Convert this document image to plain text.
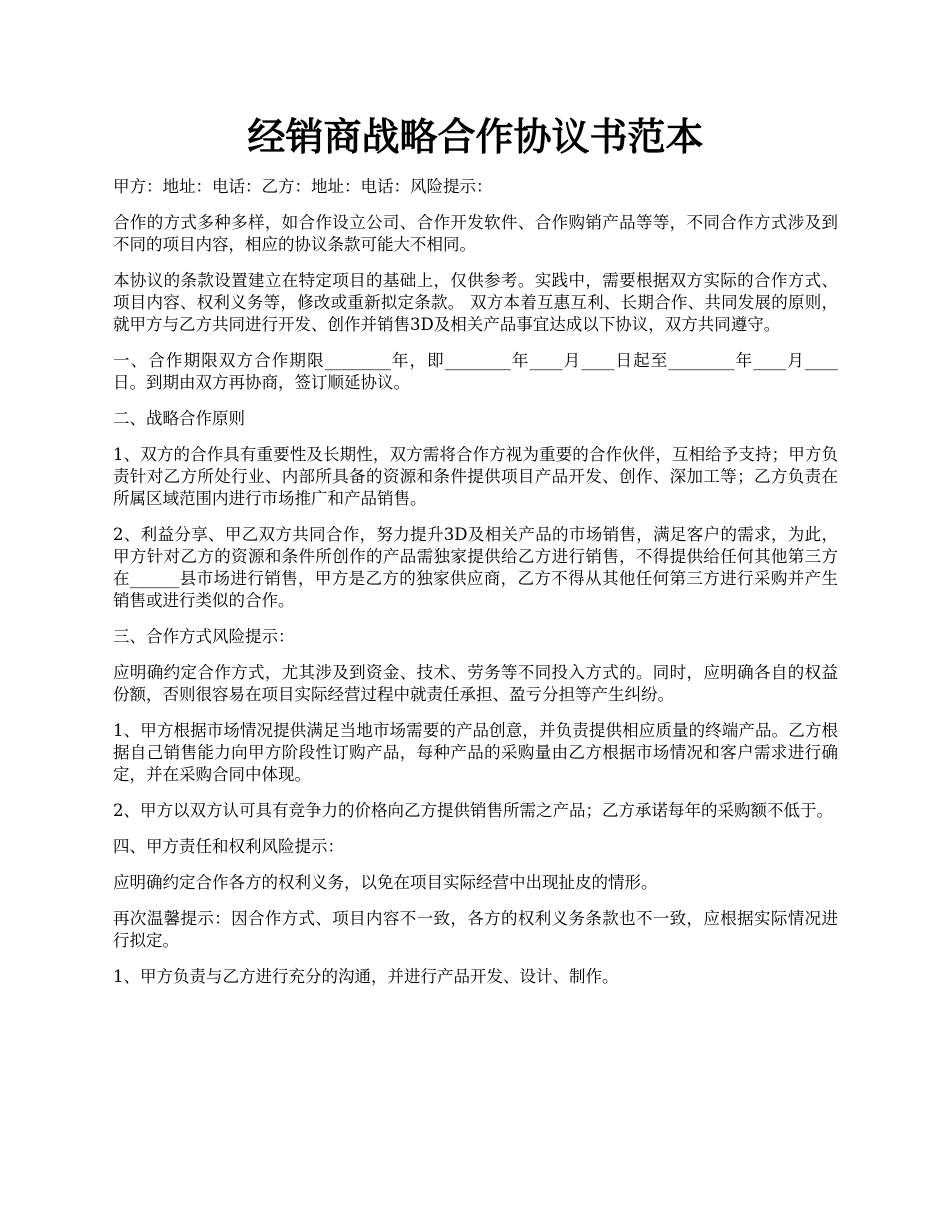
经销商战略合作协议书范本

甲方：地址：电话：乙方：地址：电话：风险提示：

合作的方式多种多样，如合作设立公司、合作开发软件、合作购销产品等等，不同合作方式涉及到不同的项目内容，相应的协议条款可能大不相同。

本协议的条款设置建立在特定项目的基础上，仅供参考。实践中，需要根据双方实际的合作方式、项目内容、权利义务等，修改或重新拟定条款。 双方本着互惠互利、长期合作、共同发展的原则，就甲方与乙方共同进行开发、创作并销售3D及相关产品事宜达成以下协议，双方共同遵守。

一、合作期限双方合作期限________年，即________年____月____日起至________年____月____日。到期由双方再协商，签订顺延协议。

二、战略合作原则

1、双方的合作具有重要性及长期性，双方需将合作方视为重要的合作伙伴，互相给予支持；甲方负责针对乙方所处行业、内部所具备的资源和条件提供项目产品开发、创作、深加工等；乙方负责在所属区域范围内进行市场推广和产品销售。

2、利益分享、甲乙双方共同合作，努力提升3D及相关产品的市场销售，满足客户的需求，为此，甲方针对乙方的资源和条件所创作的产品需独家提供给乙方进行销售，不得提供给任何其他第三方在______县市场进行销售，甲方是乙方的独家供应商，乙方不得从其他任何第三方进行采购并产生销售或进行类似的合作。

三、合作方式风险提示：

应明确约定合作方式，尤其涉及到资金、技术、劳务等不同投入方式的。同时，应明确各自的权益份额，否则很容易在项目实际经营过程中就责任承担、盈亏分担等产生纠纷。

1、甲方根据市场情况提供满足当地市场需要的产品创意，并负责提供相应质量的终端产品。乙方根据自己销售能力向甲方阶段性订购产品，每种产品的采购量由乙方根据市场情况和客户需求进行确定，并在采购合同中体现。

2、甲方以双方认可具有竞争力的价格向乙方提供销售所需之产品；乙方承诺每年的采购额不低于。

四、甲方责任和权利风险提示：

应明确约定合作各方的权利义务，以免在项目实际经营中出现扯皮的情形。

再次温馨提示：因合作方式、项目内容不一致，各方的权利义务条款也不一致，应根据实际情况进行拟定。

1、甲方负责与乙方进行充分的沟通，并进行产品开发、设计、制作。
